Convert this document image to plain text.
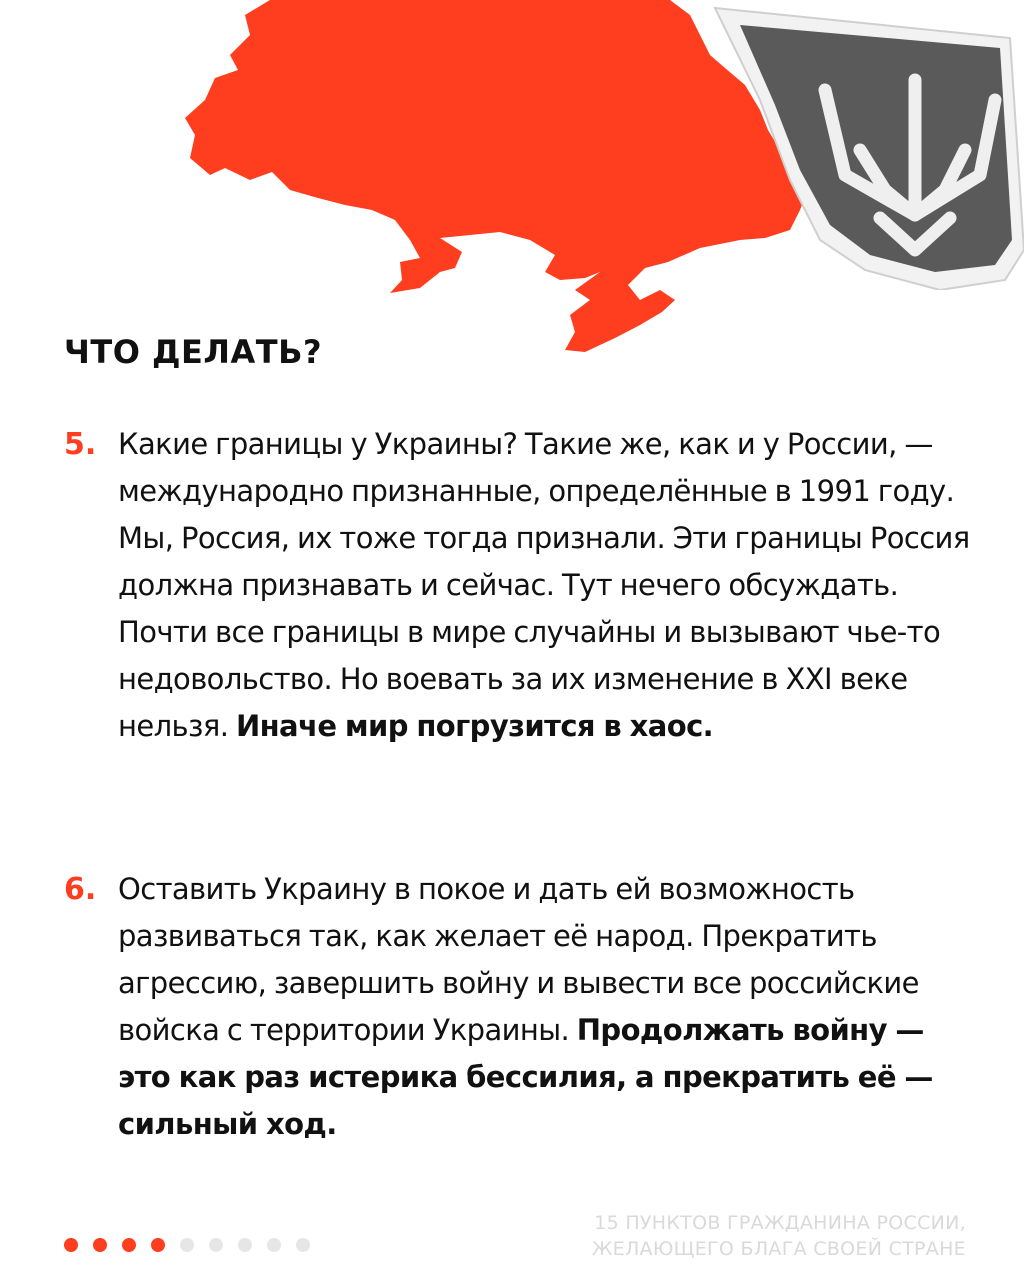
ЧТО ДЕЛАТЬ?
5. Какие границы у Украины? Такие же, как и у России, — международно признанные, определённые в 1991 году. Мы, Россия, их тоже тогда признали. Эти границы Россия должна признавать и сейчас. Тут нечего обсуждать. Почти все границы в мире случайны и вызывают чье-то недовольство. Но воевать за их изменение в XXI веке нельзя. Иначе мир погрузится в хаос.
6. Оставить Украину в покое и дать ей возможность развиваться так, как желает её народ. Прекратить агрессию, завершить войну и вывести все российские войска с территории Украины. Продолжать войну — это как раз истерика бессилия, а прекратить её — сильный ход.
15 ПУНКТОВ ГРАЖДАНИНА РОССИИ,
ЖЕЛАЮЩЕГО БЛАГА СВОЕЙ СТРАНЕ
